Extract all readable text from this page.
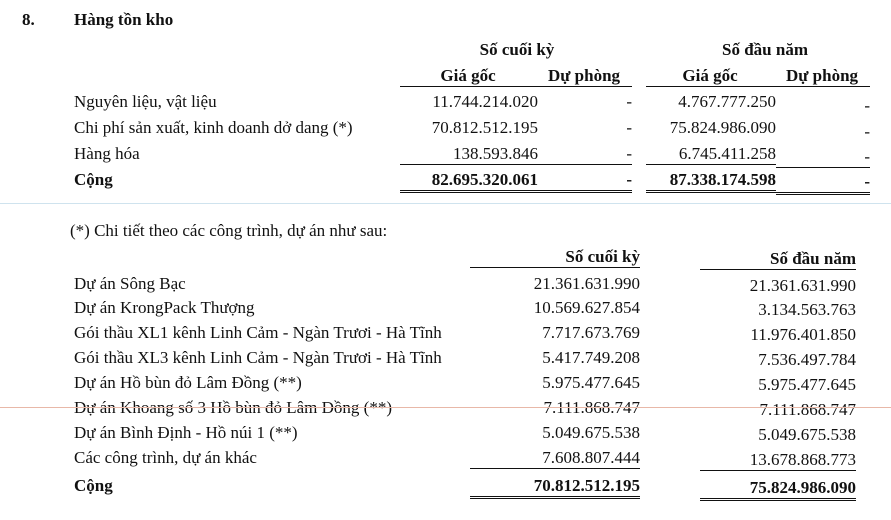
8. Hàng tồn kho
Số cuối kỳ	Số đầu năm
Giá gốc	Dự phòng	Giá gốc	Dự phòng
Nguyên liệu, vật liệu	11.744.214.020	-	4.767.777.250	-
Chi phí sản xuất, kinh doanh dở dang (*)	70.812.512.195	-	75.824.986.090	-
Hàng hóa	138.593.846	-	6.745.411.258	-
Cộng	82.695.320.061	-	87.338.174.598	-
(*) Chi tiết theo các công trình, dự án như sau:
Số cuối kỳ	Số đầu năm
Dự án Sông Bạc	21.361.631.990	21.361.631.990
Dự án KrongPack Thượng	10.569.627.854	3.134.563.763
Gói thầu XL1 kênh Linh Cảm - Ngàn Trươi - Hà Tĩnh	7.717.673.769	11.976.401.850
Gói thầu XL3 kênh Linh Cảm - Ngàn Trươi - Hà Tĩnh	5.417.749.208	7.536.497.784
Dự án Hồ bùn đỏ Lâm Đồng (**)	5.975.477.645	5.975.477.645
Dự án Khoang số 3 Hồ bùn đỏ Lâm Đồng (**)	7.111.868.747	7.111.868.747
Dự án Bình Định - Hồ núi 1 (**)	5.049.675.538	5.049.675.538
Các công trình, dự án khác	7.608.807.444	13.678.868.773
Cộng	70.812.512.195	75.824.986.090
